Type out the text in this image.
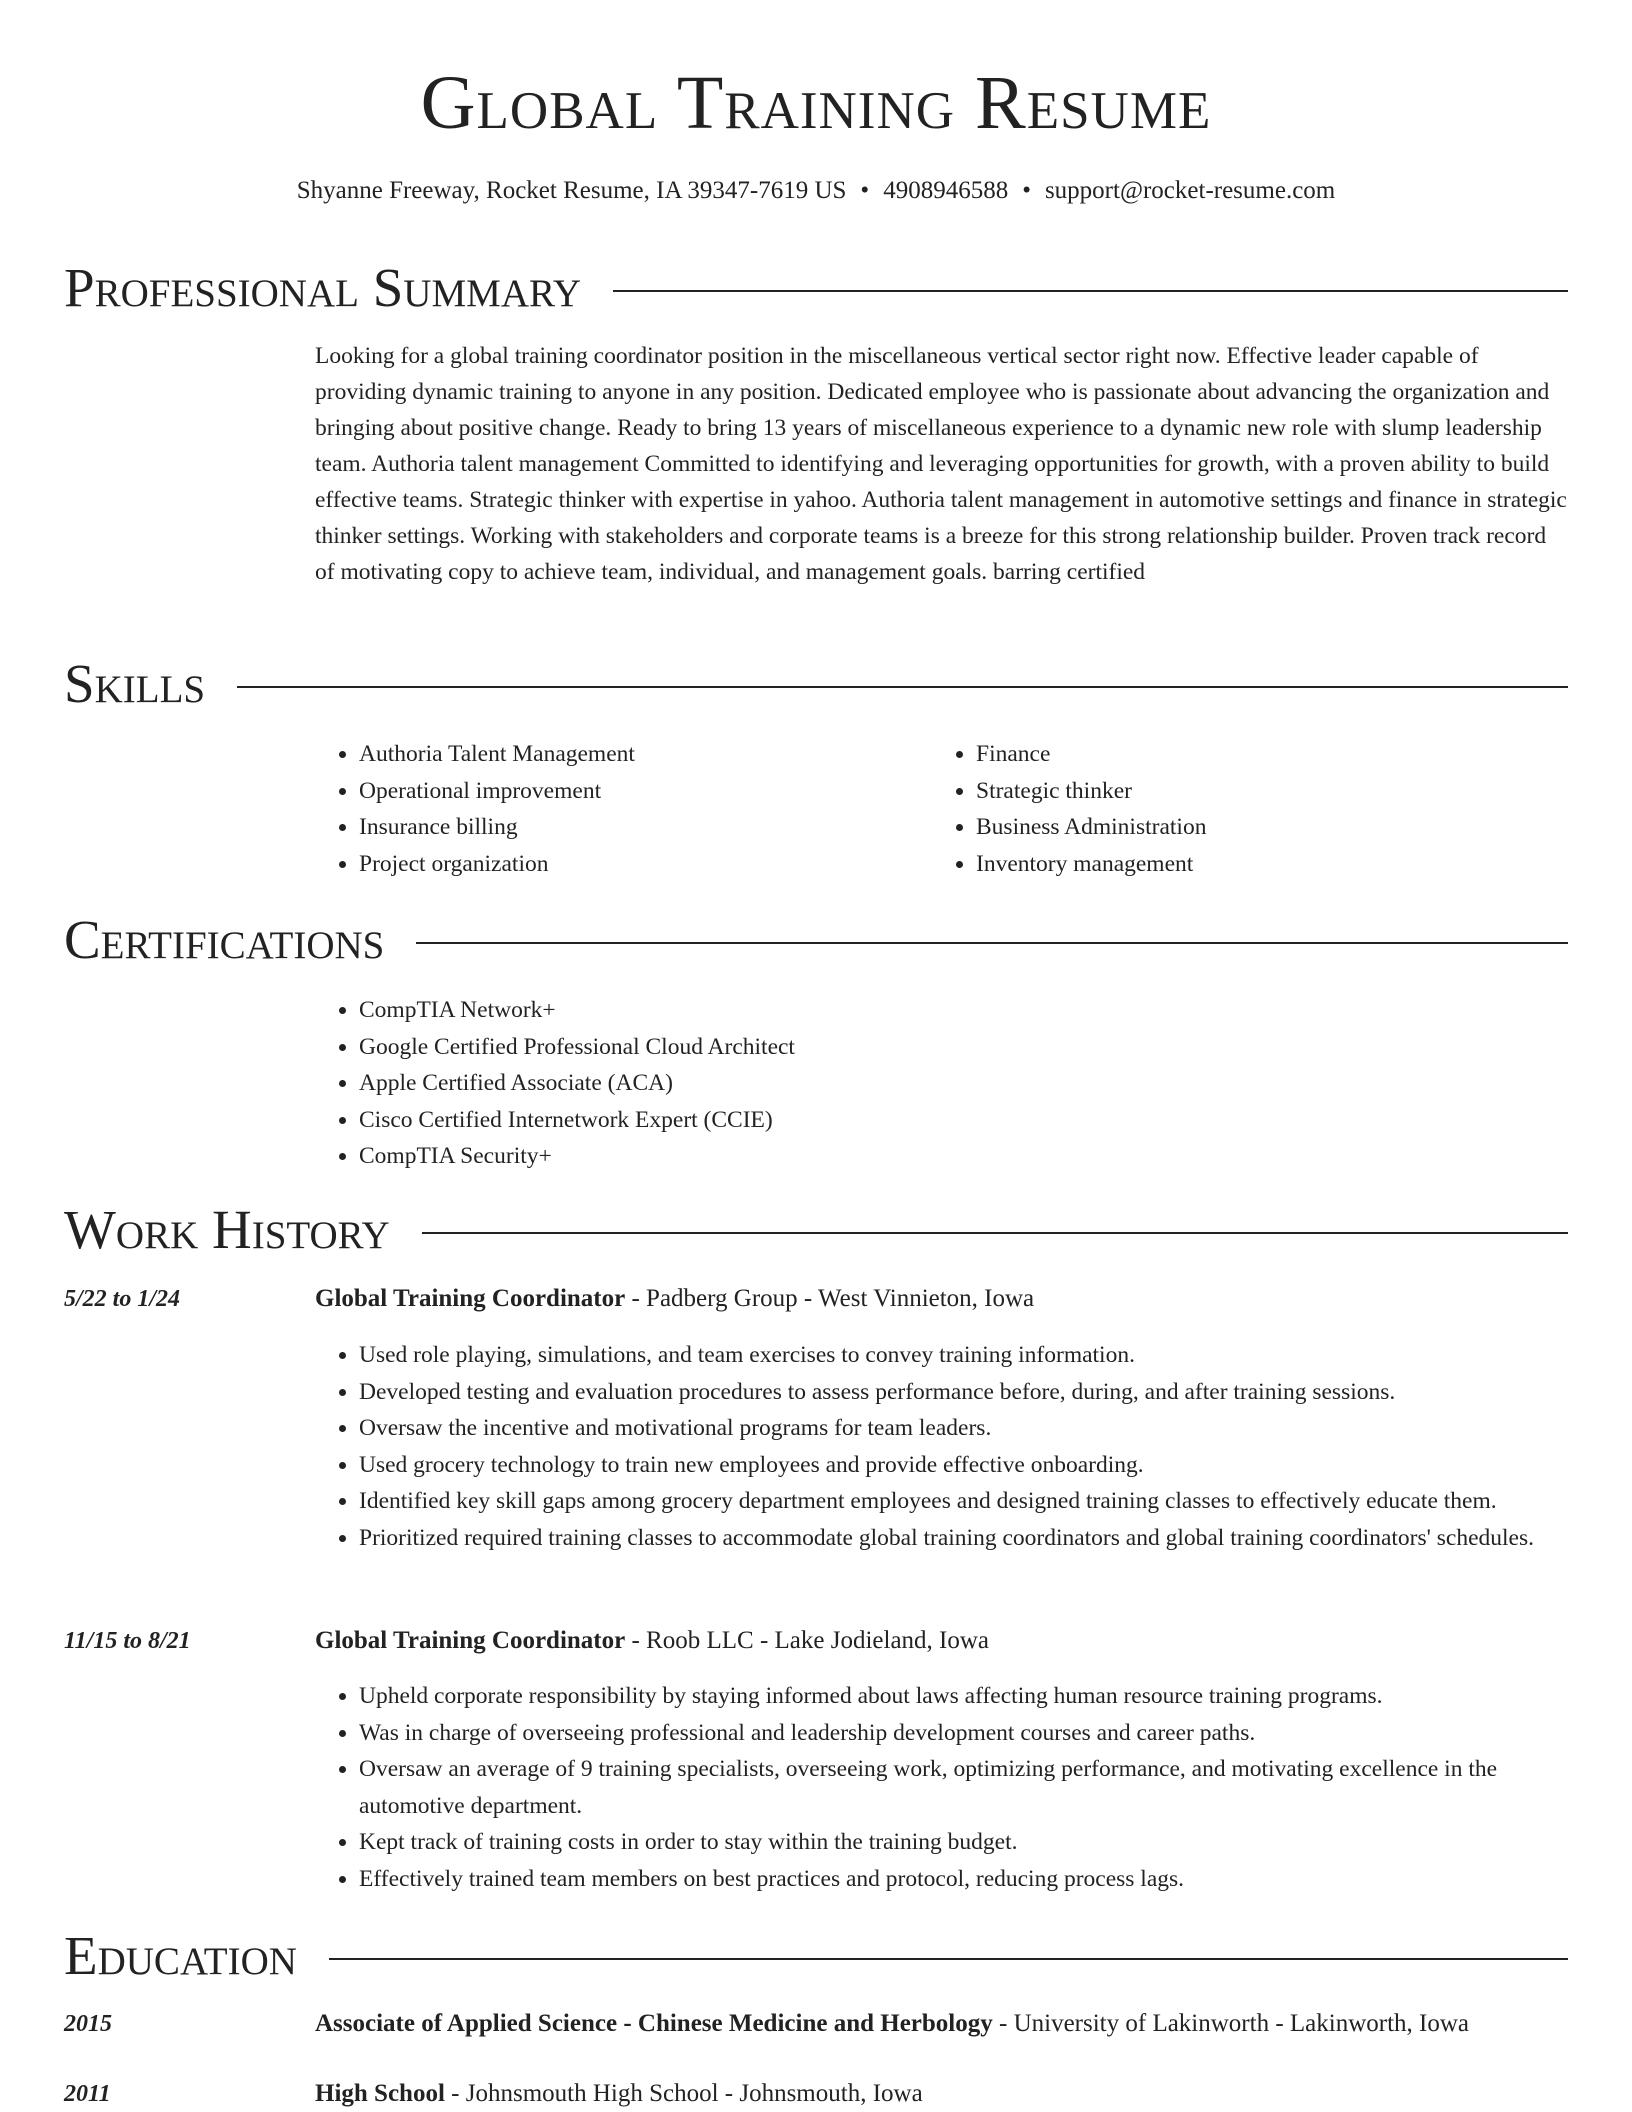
Global Training Resume
Shyanne Freeway, Rocket Resume, IA 39347-7619 US • 4908946588 • support@rocket-resume.com
Professional Summary

Looking for a global training coordinator position in the miscellaneous vertical sector right now. Effective leader capable of providing dynamic training to anyone in any position. Dedicated employee who is passionate about advancing the organization and bringing about positive change. Ready to bring 13 years of miscellaneous experience to a dynamic new role with slump leadership team. Authoria talent management Committed to identifying and leveraging opportunities for growth, with a proven ability to build effective teams. Strategic thinker with expertise in yahoo. Authoria talent management in automotive settings and finance in strategic thinker settings. Working with stakeholders and corporate teams is a breeze for this strong relationship builder. Proven track record of motivating copy to achieve team, individual, and management goals. barring certified

Skills
• Authoria Talent Management
• Operational improvement
• Insurance billing
• Project organization
• Finance
• Strategic thinker
• Business Administration
• Inventory management
Certifications
• CompTIA Network+
• Google Certified Professional Cloud Architect
• Apple Certified Associate (ACA)
• Cisco Certified Internetwork Expert (CCIE)
• CompTIA Security+
Work History
5/22 to 1/24	Global Training Coordinator - Padberg Group - West Vinnieton, Iowa
• Used role playing, simulations, and team exercises to convey training information.
• Developed testing and evaluation procedures to assess performance before, during, and after training sessions.
• Oversaw the incentive and motivational programs for team leaders.
• Used grocery technology to train new employees and provide effective onboarding.
• Identified key skill gaps among grocery department employees and designed training classes to effectively educate them.
• Prioritized required training classes to accommodate global training coordinators and global training coordinators' schedules.
11/15 to 8/21	Global Training Coordinator - Roob LLC - Lake Jodieland, Iowa
• Upheld corporate responsibility by staying informed about laws affecting human resource training programs.
• Was in charge of overseeing professional and leadership development courses and career paths.
• Oversaw an average of 9 training specialists, overseeing work, optimizing performance, and motivating excellence in the automotive department.
• Kept track of training costs in order to stay within the training budget.
• Effectively trained team members on best practices and protocol, reducing process lags.
Education
2015	Associate of Applied Science - Chinese Medicine and Herbology - University of Lakinworth - Lakinworth, Iowa
2011	High School - Johnsmouth High School - Johnsmouth, Iowa
